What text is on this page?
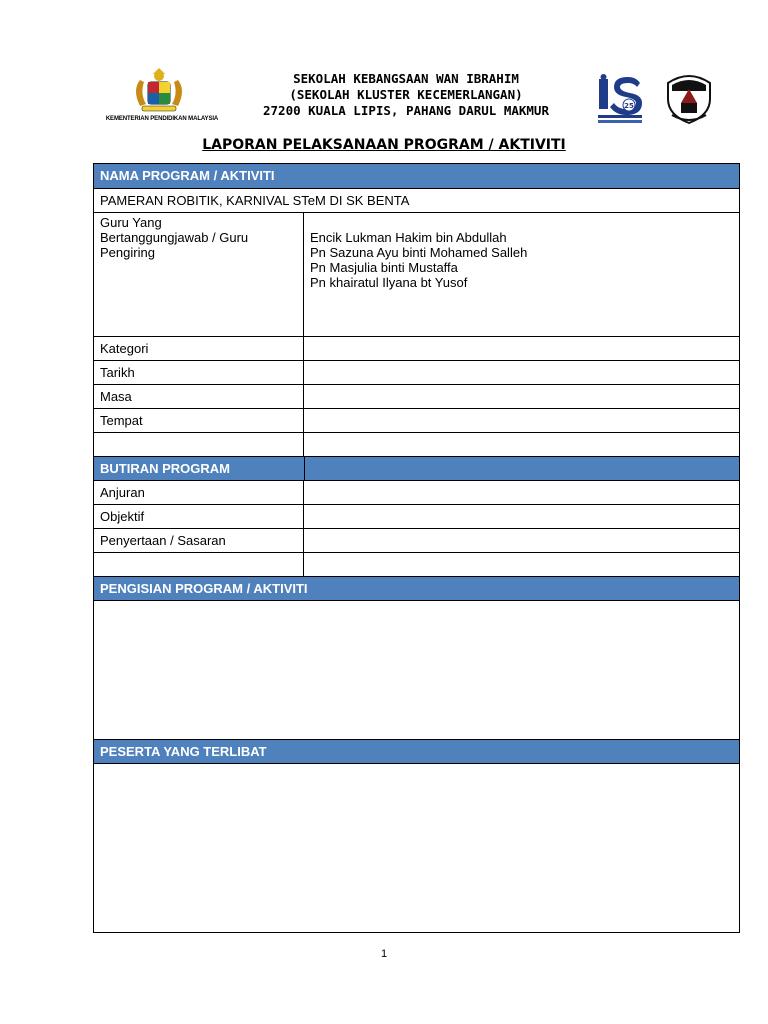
KEMENTERIAN PENDIDIKAN MALAYSIA
SEKOLAH KEBANGSAAN WAN IBRAHIM
(SEKOLAH KLUSTER KECEMERLANGAN)
27200 KUALA LIPIS, PAHANG DARUL MAKMUR	25
LAPORAN PELAKSANAAN PROGRAM / AKTIVITI
NAMA PROGRAM / AKTIVITI
PAMERAN ROBITIK, KARNIVAL STeM DI SK BENTA
Guru Yang
Bertanggungjawab / Guru
Pengiring
Encik Lukman Hakim bin Abdullah
Pn Sazuna Ayu binti Mohamed Salleh
Pn Masjulia binti Mustaffa
Pn khairatul Ilyana bt Yusof
Kategori
Tarikh
Masa
Tempat
BUTIRAN PROGRAM
Anjuran
Objektif
Penyertaan / Sasaran
PENGISIAN PROGRAM / AKTIVITI
PESERTA YANG TERLIBAT
1
